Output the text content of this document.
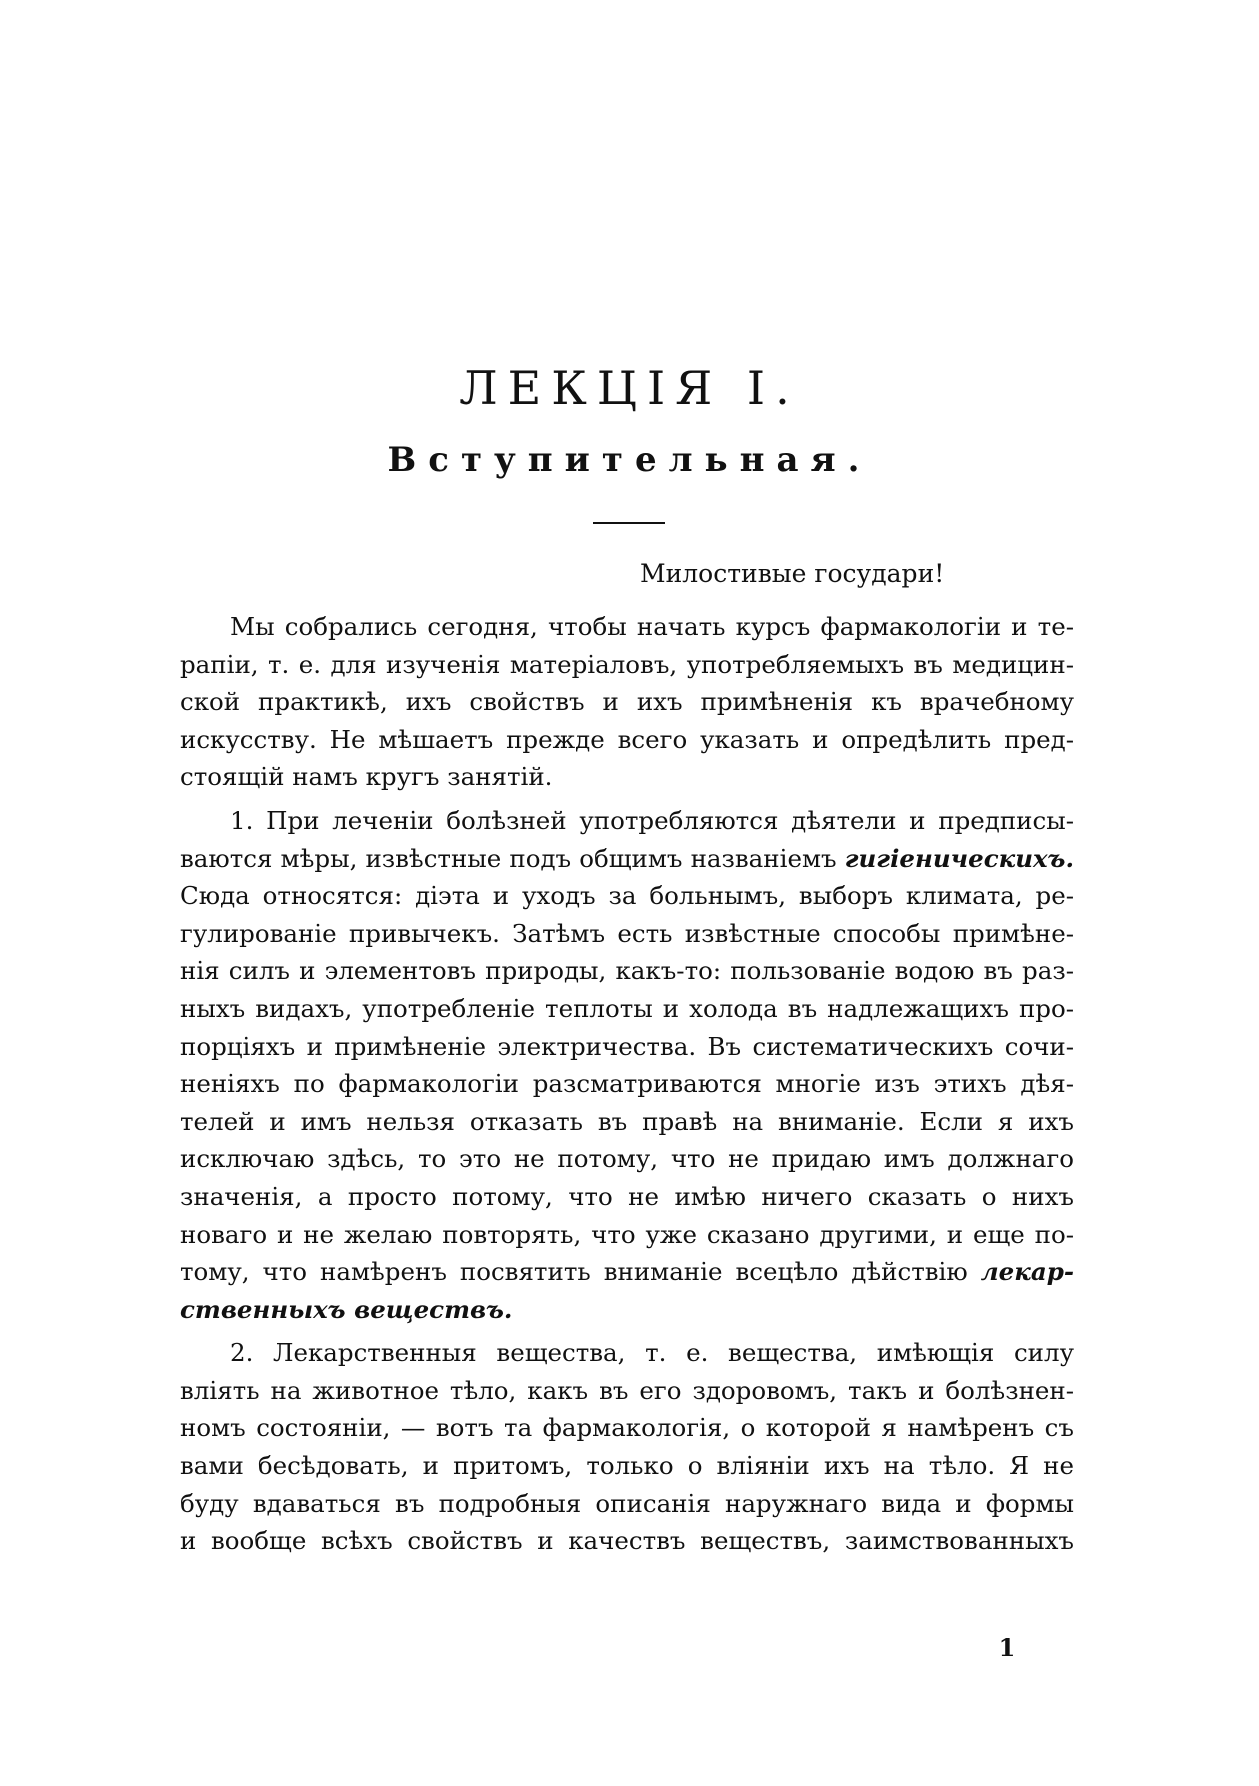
ЛЕКЦІЯ I.
Вступительная.
Милостивые государи!
Мы собрались сегодня, чтобы начать курсъ фармакологіи и те-
рапіи, т. е. для изученія матеріаловъ, употребляемыхъ въ медицин-
ской практикѣ, ихъ свойствъ и ихъ примѣненія къ врачебному
искусству. Не мѣшаетъ прежде всего указать и опредѣлить пред-
стоящій намъ кругъ занятій.
1. При леченіи болѣзней употребляются дѣятели и предписы-
ваются мѣры, извѣстные подъ общимъ названіемъ гигіеническихъ.
Сюда относятся: діэта и уходъ за больнымъ, выборъ климата, ре-
гулированіе привычекъ. Затѣмъ есть извѣстные способы примѣне-
нія силъ и элементовъ природы, какъ-то: пользованіе водою въ раз-
ныхъ видахъ, употребленіе теплоты и холода въ надлежащихъ про-
порціяхъ и примѣненіе электричества. Въ систематическихъ сочи-
неніяхъ по фармакологіи разсматриваются многіе изъ этихъ дѣя-
телей и имъ нельзя отказать въ правѣ на вниманіе. Если я ихъ
исключаю здѣсь, то это не потому, что не придаю имъ должнаго
значенія, а просто потому, что не имѣю ничего сказать о нихъ
новаго и не желаю повторять, что уже сказано другими, и еще по-
тому, что намѣренъ посвятить вниманіе всецѣло дѣйствію лекар-
ственныхъ веществъ.
2. Лекарственныя вещества, т. е. вещества, имѣющія силу
вліять на животное тѣло, какъ въ его здоровомъ, такъ и болѣзнен-
номъ состояніи, — вотъ та фармакологія, о которой я намѣренъ съ
вами бесѣдовать, и притомъ, только о вліяніи ихъ на тѣло. Я не
буду вдаваться въ подробныя описанія наружнаго вида и формы
и вообще всѣхъ свойствъ и качествъ веществъ, заимствованныхъ
1
